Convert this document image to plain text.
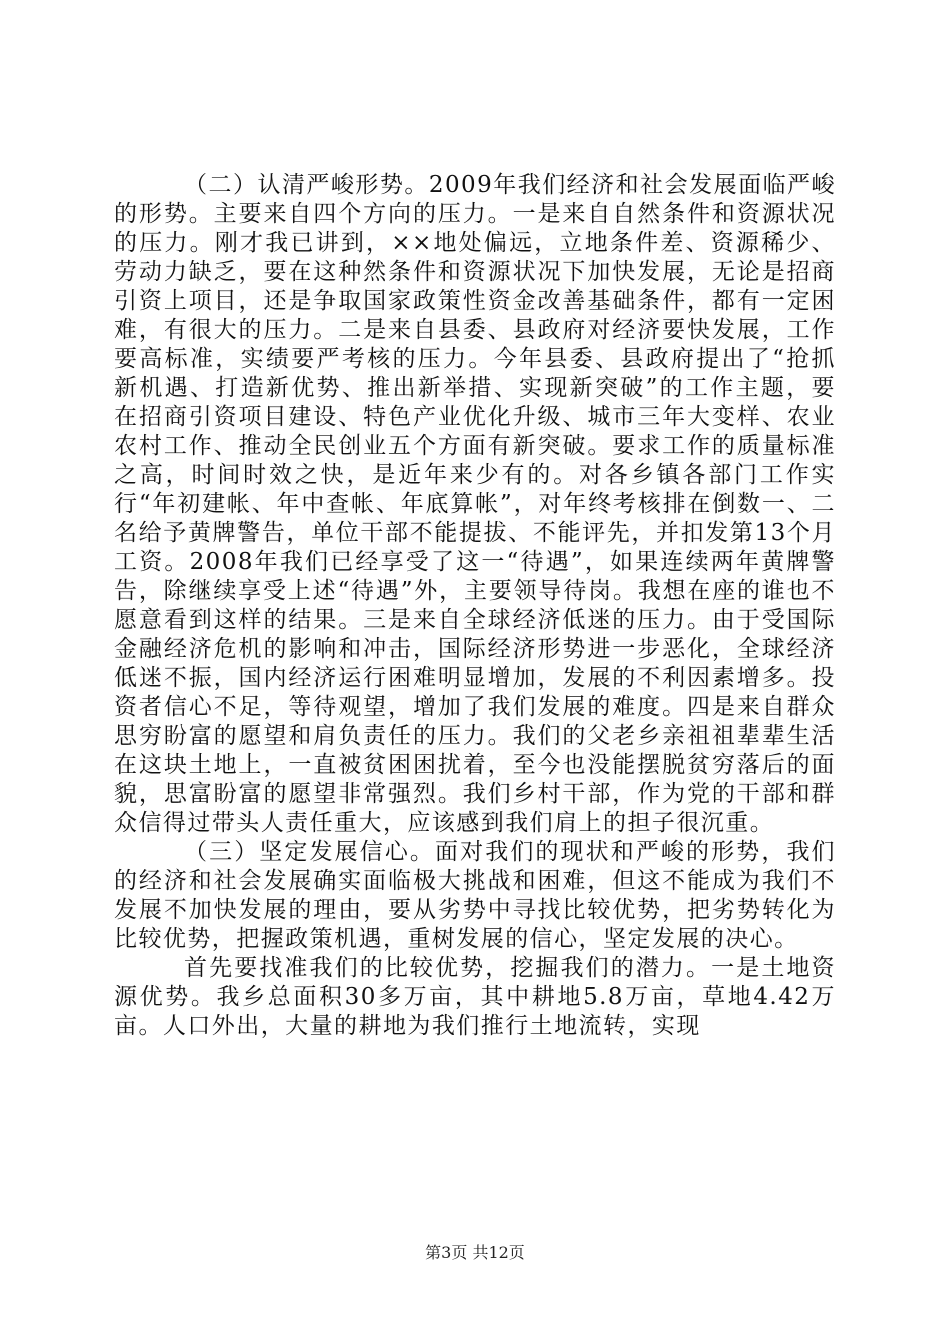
（二）认清严峻形势。2009年我们经济和社会发展面临严峻的形势。主要来自四个方向的压力。一是来自自然条件和资源状况的压力。刚才我已讲到，××地处偏远，立地条件差、资源稀少、劳动力缺乏，要在这种然条件和资源状况下加快发展，无论是招商引资上项目，还是争取国家政策性资金改善基础条件，都有一定困难，有很大的压力。二是来自县委、县政府对经济要快发展，工作要高标准，实绩要严考核的压力。今年县委、县政府提出了“抢抓新机遇、打造新优势、推出新举措、实现新突破”的工作主题，要在招商引资项目建设、特色产业优化升级、城市三年大变样、农业农村工作、推动全民创业五个方面有新突破。要求工作的质量标准之高，时间时效之快，是近年来少有的。对各乡镇各部门工作实行“年初建帐、年中查帐、年底算帐”，对年终考核排在倒数一、二名给予黄牌警告，单位干部不能提拔、不能评先，并扣发第13个月工资。2008年我们已经享受了这一“待遇”，如果连续两年黄牌警告，除继续享受上述“待遇”外，主要领导待岗。我想在座的谁也不愿意看到这样的结果。三是来自全球经济低迷的压力。由于受国际金融经济危机的影响和冲击，国际经济形势进一步恶化，全球经济低迷不振，国内经济运行困难明显增加，发展的不利因素增多。投资者信心不足，等待观望，增加了我们发展的难度。四是来自群众思穷盼富的愿望和肩负责任的压力。我们的父老乡亲祖祖辈辈生活在这块土地上，一直被贫困困扰着，至今也没能摆脱贫穷落后的面貌，思富盼富的愿望非常强烈。我们乡村干部，作为党的干部和群众信得过带头人责任重大，应该感到我们肩上的担子很沉重。

（三）坚定发展信心。面对我们的现状和严峻的形势，我们的经济和社会发展确实面临极大挑战和困难，但这不能成为我们不发展不加快发展的理由，要从劣势中寻找比较优势，把劣势转化为比较优势，把握政策机遇，重树发展的信心，坚定发展的决心。

首先要找准我们的比较优势，挖掘我们的潜力。一是土地资源优势。我乡总面积30多万亩，其中耕地5.8万亩，草地4.42万亩。人口外出，大量的耕地为我们推行土地流转，实现

第3页 共12页
